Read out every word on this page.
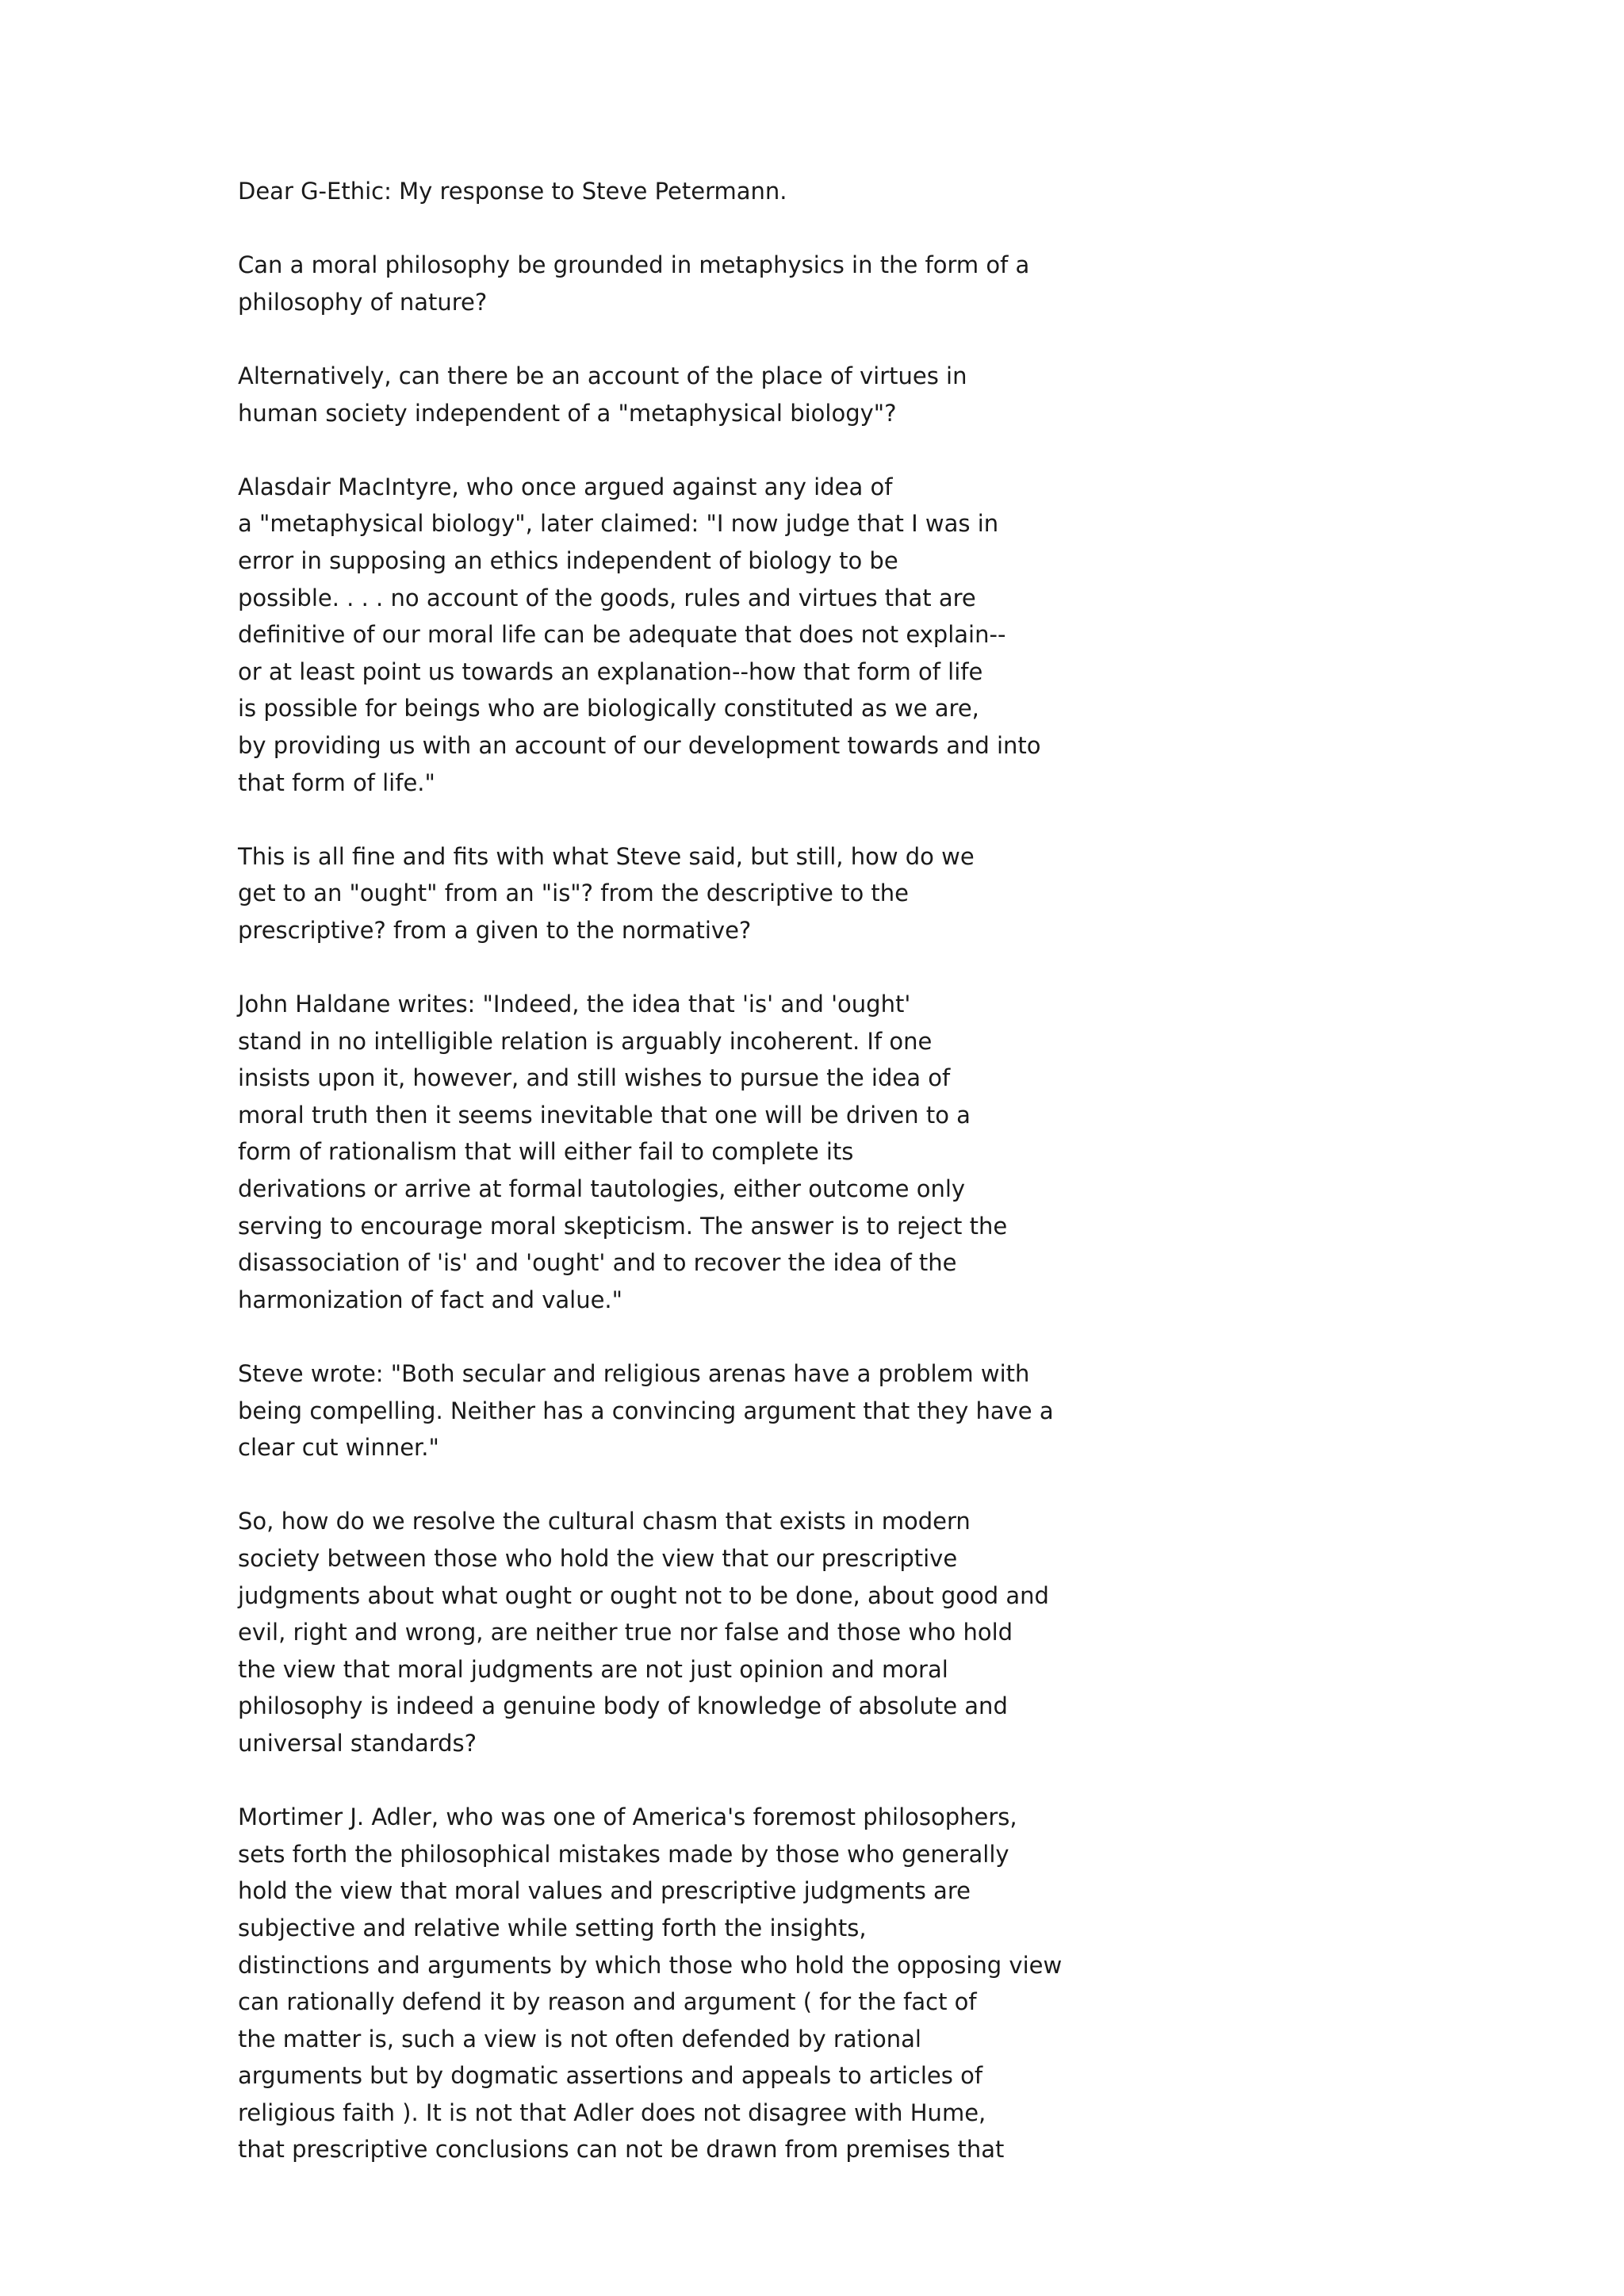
Dear G-Ethic: My response to Steve Petermann.

Can a moral philosophy be grounded in metaphysics in the form of a
philosophy of nature?

Alternatively, can there be an account of the place of virtues in
human society independent of a "metaphysical biology"?

Alasdair MacIntyre, who once argued against any idea of
a "metaphysical biology", later claimed: "I now judge that I was in
error in supposing an ethics independent of biology to be
possible. . . . no account of the goods, rules and virtues that are
definitive of our moral life can be adequate that does not explain--
or at least point us towards an explanation--how that form of life
is possible for beings who are biologically constituted as we are,
by providing us with an account of our development towards and into
that form of life."

This is all fine and fits with what Steve said, but still, how do we
get to an "ought" from an "is"? from the descriptive to the
prescriptive? from a given to the normative?

John Haldane writes: "Indeed, the idea that 'is' and 'ought'
stand in no intelligible relation is arguably incoherent. If one
insists upon it, however, and still wishes to pursue the idea of
moral truth then it seems inevitable that one will be driven to a
form of rationalism that will either fail to complete its
derivations or arrive at formal tautologies, either outcome only
serving to encourage moral skepticism. The answer is to reject the
disassociation of 'is' and 'ought' and to recover the idea of the
harmonization of fact and value."

Steve wrote: "Both secular and religious arenas have a problem with
being compelling. Neither has a convincing argument that they have a
clear cut winner."

So, how do we resolve the cultural chasm that exists in modern
society between those who hold the view that our prescriptive
judgments about what ought or ought not to be done, about good and
evil, right and wrong, are neither true nor false and those who hold
the view that moral judgments are not just opinion and moral
philosophy is indeed a genuine body of knowledge of absolute and
universal standards?

Mortimer J. Adler, who was one of America's foremost philosophers,
sets forth the philosophical mistakes made by those who generally
hold the view that moral values and prescriptive judgments are
subjective and relative while setting forth the insights,
distinctions and arguments by which those who hold the opposing view
can rationally defend it by reason and argument ( for the fact of
the matter is, such a view is not often defended by rational
arguments but by dogmatic assertions and appeals to articles of
religious faith ). It is not that Adler does not disagree with Hume,
that prescriptive conclusions can not be drawn from premises that
